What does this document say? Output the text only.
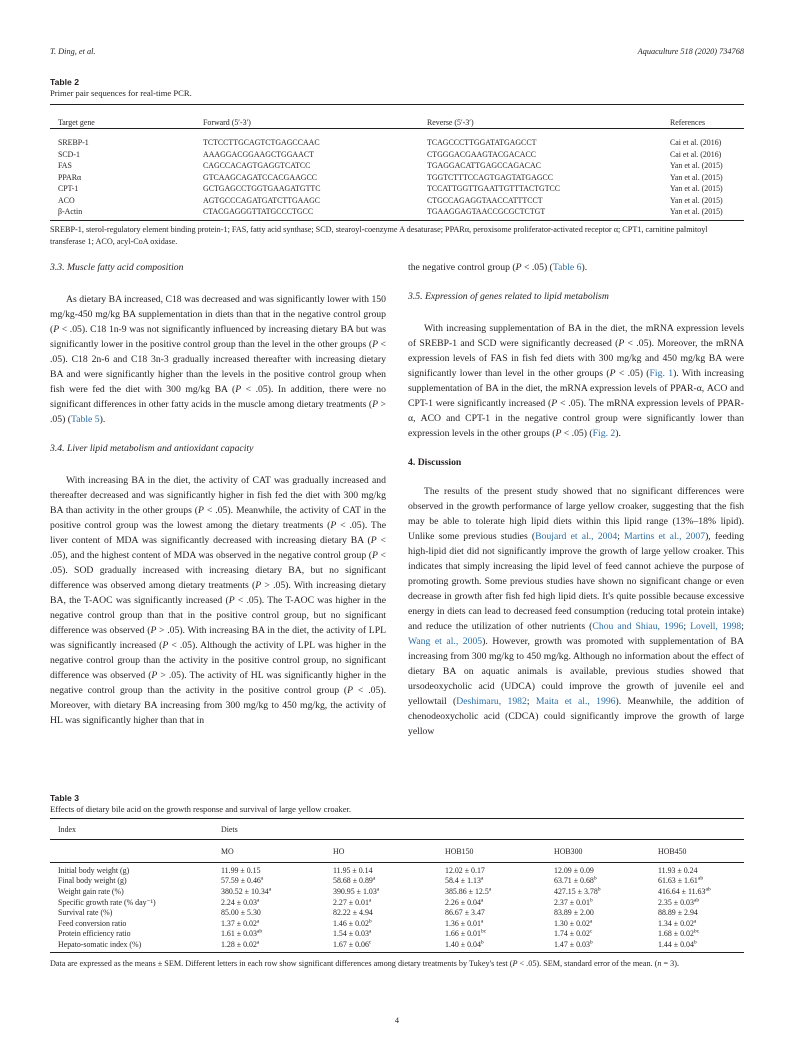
T. Ding, et al.	Aquaculture 518 (2020) 734768
Table 2
Primer pair sequences for real-time PCR.
Target gene	Forward (5′-3′)	Reverse (5′-3′)	References
SREBP-1	TCTCCTTGCAGTCTGAGCCAAC	TCAGCCCTTGGATATGAGCCT	Cai et al. (2016)
SCD-1	AAAGGACGGAAGCTGGAACT	CTGGGACGAAGTACGACACC	Cai et al. (2016)
FAS	CAGCCACAGTGAGGTCATCC	TGAGGACATTGAGCCAGACAC	Yan et al. (2015)
PPARα	GTCAAGCAGATCCACGAAGCC	TGGTCTTTCCAGTGAGTATGAGCC	Yan et al. (2015)
CPT-1	GCTGAGCCTGGTGAAGATGTTC	TCCATTGGTTGAATTGTTTACTGTCC	Yan et al. (2015)
ACO	AGTGCCCAGATGATCTTGAAGC	CTGCCAGAGGTAACCATTTCCT	Yan et al. (2015)
β-Actin	CTACGAGGGTTATGCCCTGCC	TGAAGGAGTAACCGCGCTCTGT	Yan et al. (2015)
SREBP-1, sterol-regulatory element binding protein-1; FAS, fatty acid synthase; SCD, stearoyl-coenzyme A desaturase; PPARα, peroxisome proliferator-activated receptor α; CPT1, carnitine palmitoyl transferase 1; ACO, acyl-CoA oxidase.

3.3. Muscle fatty acid composition

As dietary BA increased, C18 was decreased and was significantly lower with 150 mg/kg-450 mg/kg BA supplementation in diets than that in the negative control group (P < .05). C18 1n-9 was not significantly influenced by increasing dietary BA but was significantly lower in the positive control group than the level in the other groups (P < .05). C18 2n-6 and C18 3n-3 gradually increased thereafter with increasing dietary BA and were significantly higher than the levels in the positive control group when fish were fed the diet with 300 mg/kg BA (P < .05). In addition, there were no significant differences in other fatty acids in the muscle among dietary treatments (P > .05) (Table 5).

3.4. Liver lipid metabolism and antioxidant capacity

With increasing BA in the diet, the activity of CAT was gradually increased and thereafter decreased and was significantly higher in fish fed the diet with 300 mg/kg BA than activity in the other groups (P < .05). Meanwhile, the activity of CAT in the positive control group was the lowest among the dietary treatments (P < .05). The liver content of MDA was significantly decreased with increasing dietary BA (P < .05), and the highest content of MDA was observed in the negative control group (P < .05). SOD gradually increased with increasing dietary BA, but no significant difference was observed among dietary treatments (P > .05). With increasing dietary BA, the T-AOC was significantly increased (P < .05). The T-AOC was higher in the negative control group than that in the positive control group, but no significant difference was observed (P > .05). With increasing BA in the diet, the activity of LPL was significantly increased (P < .05). Although the activity of LPL was higher in the negative control group than the activity in the positive control group, no significant difference was observed (P > .05). The activity of HL was significantly higher in the negative control group than the activity in the positive control group (P < .05). Moreover, with dietary BA increasing from 300 mg/kg to 450 mg/kg, the activity of HL was significantly higher than that in

the negative control group (P < .05) (Table 6).

3.5. Expression of genes related to lipid metabolism

With increasing supplementation of BA in the diet, the mRNA expression levels of SREBP-1 and SCD were significantly decreased (P < .05). Moreover, the mRNA expression levels of FAS in fish fed diets with 300 mg/kg and 450 mg/kg BA were significantly lower than level in the other groups (P < .05) (Fig. 1). With increasing supplementation of BA in the diet, the mRNA expression levels of PPAR-α, ACO and CPT-1 were significantly increased (P < .05). The mRNA expression levels of PPAR-α, ACO and CPT-1 in the negative control group were significantly lower than expression levels in the other groups (P < .05) (Fig. 2).

4. Discussion

The results of the present study showed that no significant differences were observed in the growth performance of large yellow croaker, suggesting that the fish may be able to tolerate high lipid diets within this lipid range (13%–18% lipid). Unlike some previous studies (Boujard et al., 2004; Martins et al., 2007), feeding high-lipid diet did not significantly improve the growth of large yellow croaker. This indicates that simply increasing the lipid level of feed cannot achieve the purpose of promoting growth. Some previous studies have shown no significant change or even decrease in growth after fish fed high lipid diets. It's quite possible because excessive energy in diets can lead to decreased feed consumption (reducing total protein intake) and reduce the utilization of other nutrients (Chou and Shiau, 1996; Lovell, 1998; Wang et al., 2005). However, growth was promoted with supplementation of BA increasing from 300 mg/kg to 450 mg/kg. Although no information about the effect of dietary BA on aquatic animals is available, previous studies showed that ursodeoxycholic acid (UDCA) could improve the growth of juvenile eel and yellowtail (Deshimaru, 1982; Maita et al., 1996). Meanwhile, the addition of chenodeoxycholic acid (CDCA) could significantly improve the growth of large yellow

Table 3
Effects of dietary bile acid on the growth response and survival of large yellow croaker.
Index	Diets				
	MO	HO	HOB150	HOB300	HOB450
Initial body weight (g)	11.99 ± 0.15	11.95 ± 0.14	12.02 ± 0.17	12.09 ± 0.09	11.93 ± 0.24
Final body weight (g)	57.59 ± 0.46$^a$	58.68 ± 0.89$^a$	58.4 ± 1.13$^a$	63.71 ± 0.68$^b$	61.63 ± 1.61$^{ab}$
Weight gain rate (%)	380.52 ± 10.34$^a$	390.95 ± 1.03$^a$	385.86 ± 12.5$^a$	427.15 ± 3.78$^b$	416.64 ± 11.63$^{ab}$
Specific growth rate (% day⁻¹)	2.24 ± 0.03$^a$	2.27 ± 0.01$^a$	2.26 ± 0.04$^a$	2.37 ± 0.01$^b$	2.35 ± 0.03$^{ab}$
Survival rate (%)	85.00 ± 5.30	82.22 ± 4.94	86.67 ± 3.47	83.89 ± 2.00	88.89 ± 2.94
Feed conversion ratio	1.37 ± 0.02$^a$	1.46 ± 0.02$^b$	1.36 ± 0.01$^a$	1.30 ± 0.02$^a$	1.34 ± 0.02$^a$
Protein efficiency ratio	1.61 ± 0.03$^{ab}$	1.54 ± 0.03$^a$	1.66 ± 0.01$^{bc}$	1.74 ± 0.02$^c$	1.68 ± 0.02$^{bc}$
Hepato-somatic index (%)	1.28 ± 0.02$^a$	1.67 ± 0.06$^c$	1.40 ± 0.04$^b$	1.47 ± 0.03$^b$	1.44 ± 0.04$^b$
Data are expressed as the means ± SEM. Different letters in each row show significant differences among dietary treatments by Tukey's test (P < .05). SEM, standard error of the mean. (n = 3).
4
